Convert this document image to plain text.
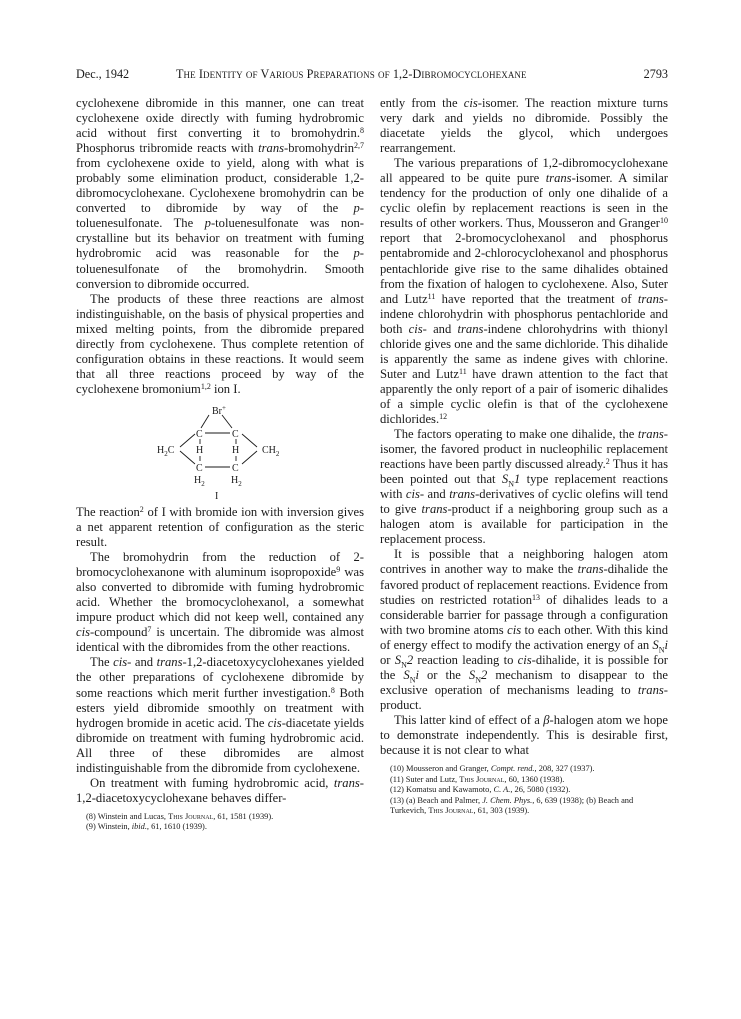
Dec., 1942	The Identity of Various Preparations of 1,2-Dibromocyclohexane	2793

cyclohexene dibromide in this manner, one can treat cyclohexene oxide directly with fuming hydrobromic acid without first converting it to bromohydrin.$^8$ Phosphorus tribromide reacts with trans-bromohydrin$^{2,7}$ from cyclohexene oxide to yield, along with what is probably some elimination product, considerable 1,2-dibromocyclohexane. Cyclohexene bromohydrin can be converted to dibromide by way of the p-toluenesulfonate. The p-toluenesulfonate was non-crystalline but its behavior on treatment with fuming hydrobromic acid was reasonable for the p-toluenesulfonate of the bromohydrin. Smooth conversion to dibromide occurred.

The products of these three reactions are almost indistinguishable, on the basis of physical properties and mixed melting points, from the dibromide prepared directly from cyclohexene. Thus complete retention of configuration obtains in these reactions. It would seem that all three reactions proceed by way of the cyclohexene bromonium$^{1,2}$ ion I.

Br+
C	C
$H_2C$ H	H $CH_2$
C	C
$H_2$	$H_2$
I

The reaction$^2$ of I with bromide ion with inversion gives a net apparent retention of configuration as the steric result.

The bromohydrin from the reduction of 2-bromocyclohexanone with aluminum isopropoxide$^9$ was also converted to dibromide with fuming hydrobromic acid. Whether the bromocyclohexanol, a somewhat impure product which did not keep well, contained any cis-compound$^7$ is uncertain. The dibromide was almost identical with the dibromides from the other reactions.

The cis- and trans-1,2-diacetoxycyclohexanes yielded the other preparations of cyclohexene dibromide by some reactions which merit further investigation.$^8$ Both esters yield dibromide smoothly on treatment with hydrogen bromide in acetic acid. The cis-diacetate yields dibromide on treatment with fuming hydrobromic acid. All three of these dibromides are almost indistinguishable from the dibromide from cyclohexene.

On treatment with fuming hydrobromic acid, trans-1,2-diacetoxycyclohexane behaves differ-

(8) Winstein and Lucas, This Journal, 61, 1581 (1939).
(9) Winstein, ibid., 61, 1610 (1939).

ently from the cis-isomer. The reaction mixture turns very dark and yields no dibromide. Possibly the diacetate yields the glycol, which undergoes rearrangement.

The various preparations of 1,2-dibromocyclohexane all appeared to be quite pure trans-isomer. A similar tendency for the production of only one dihalide of a cyclic olefin by replacement reactions is seen in the results of other workers. Thus, Mousseron and Granger$^{10}$ report that 2-bromocyclohexanol and phosphorus pentabromide and 2-chlorocyclohexanol and phosphorus pentachloride give rise to the same dihalides obtained from the fixation of halogen to cyclohexene. Also, Suter and Lutz$^{11}$ have reported that the treatment of trans-indene chlorohydrin with phosphorus pentachloride and both cis- and trans-indene chlorohydrins with thionyl chloride gives one and the same dichloride. This dihalide is apparently the same as indene gives with chlorine. Suter and Lutz$^{11}$ have drawn attention to the fact that apparently the only report of a pair of isomeric dihalides of a simple cyclic olefin is that of the cyclohexene dichlorides.$^{12}$

The factors operating to make one dihalide, the trans-isomer, the favored product in nucleophilic replacement reactions have been partly discussed already.$^2$ Thus it has been pointed out that $S_N1$ type replacement reactions with cis- and trans-derivatives of cyclic olefins will tend to give trans-product if a neighboring group such as a halogen atom is available for participation in the replacement process.

It is possible that a neighboring halogen atom contrives in another way to make the trans-dihalide the favored product of replacement reactions. Evidence from studies on restricted rotation$^{13}$ of dihalides leads to a considerable barrier for passage through a configuration with two bromine atoms cis to each other. With this kind of energy effect to modify the activation energy of an $S_Ni$ or $S_N2$ reaction leading to cis-dihalide, it is possible for the $S_Ni$ or the $S_N2$ mechanism to disappear to the exclusive operation of mechanisms leading to trans-product.

This latter kind of effect of a β-halogen atom we hope to demonstrate independently. This is desirable first, because it is not clear to what

(10) Mousseron and Granger, Compt. rend., 208, 327 (1937).
(11) Suter and Lutz, This Journal, 60, 1360 (1938).
(12) Komatsu and Kawamoto, C. A., 26, 5080 (1932).
(13) (a) Beach and Palmer, J. Chem. Phys., 6, 639 (1938); (b) Beach and Turkevich, This Journal, 61, 303 (1939).
